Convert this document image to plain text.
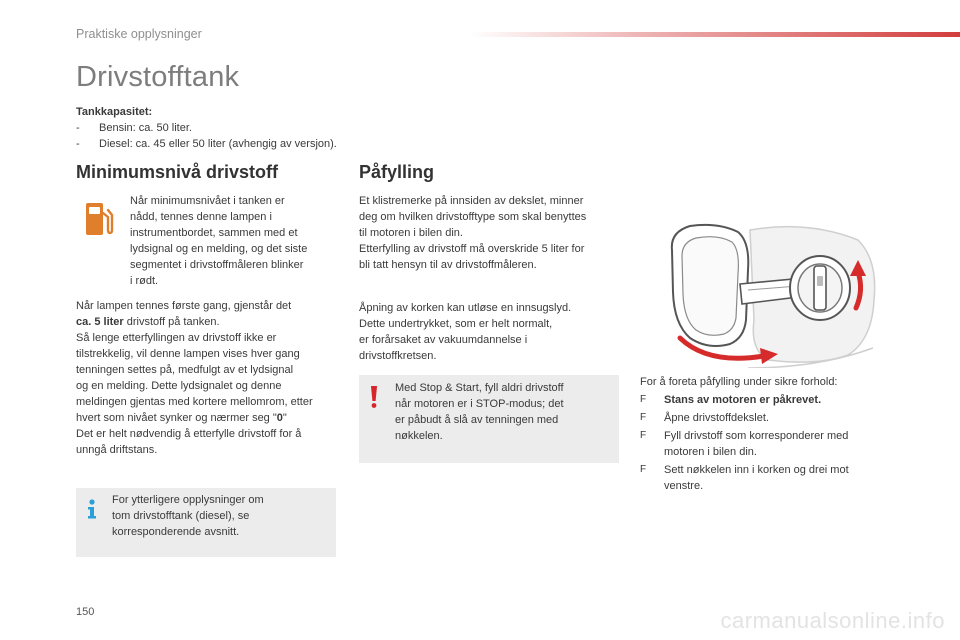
Praktiske opplysninger
Drivstofftank
Tankkapasitet:
-	Bensin: ca. 50 liter.
-	Diesel: ca. 45 eller 50 liter (avhengig av versjon).
Minimumsnivå drivstoff
Når minimumsnivået i tanken er
nådd, tennes denne lampen i
instrumentbordet, sammen med et
lydsignal og en melding, og det siste
segmentet i drivstoffmåleren blinker
i rødt.
Når lampen tennes første gang, gjenstår det
ca. 5 liter drivstoff på tanken.
Så lenge etterfyllingen av drivstoff ikke er
tilstrekkelig, vil denne lampen vises hver gang
tenningen settes på, medfulgt av et lydsignal
og en melding. Dette lydsignalet og denne
meldingen gjentas med kortere mellomrom, etter
hvert som nivået synker og nærmer seg "0"
Det er helt nødvendig å etterfylle drivstoff for å
unngå driftstans.
For ytterligere opplysninger om
tom drivstofftank (diesel), se
korresponderende avsnitt.
Påfylling
Et klistremerke på innsiden av dekslet, minner
deg om hvilken drivstofftype som skal benyttes
til motoren i bilen din.
Etterfylling av drivstoff må overskride 5 liter for
bli tatt hensyn til av drivstoffmåleren.
Åpning av korken kan utløse en innsugslyd.
Dette undertrykket, som er helt normalt,
er forårsaket av vakuumdannelse i
drivstoffkretsen.
Med Stop & Start, fyll aldri drivstoff
når motoren er i STOP-modus; det
er påbudt å slå av tenningen med
nøkkelen.
For å foreta påfylling under sikre forhold:
F	Stans av motoren er påkrevet.
F	Åpne drivstoffdekslet.
F	Fyll drivstoff som korresponderer med
motoren i bilen din.
F	Sett nøkkelen inn i korken og drei mot
venstre.
150	carmanualsonline.info
